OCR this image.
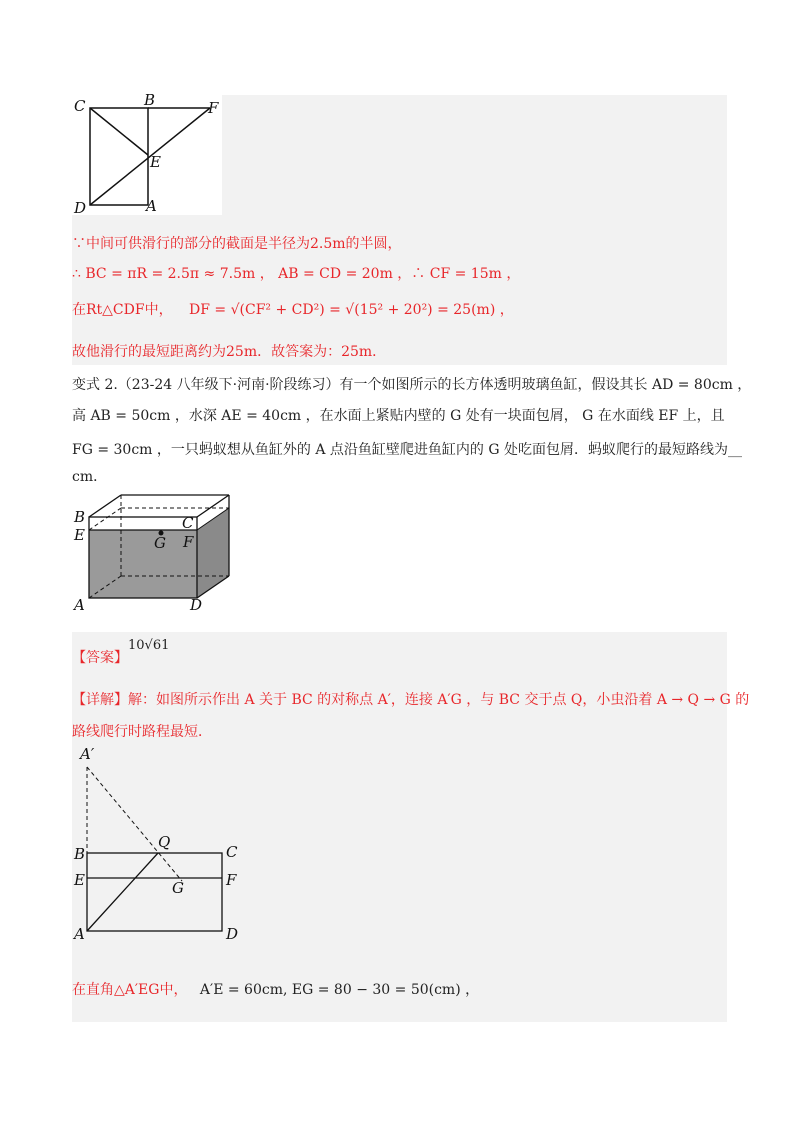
C	B	F
E
D	A
∵中间可供滑行的部分的截面是半径为2.5m的半圆，
∴ BC = πR = 2.5π ≈ 7.5m ， AB = CD = 20m ，∴ CF = 15m ，
在Rt△CDF中， DF = √(CF² + CD²) = √(15² + 20²) = 25(m) ，
故他滑行的最短距离约为25m．故答案为：25m．
变式 2.（23-24 八年级下·河南·阶段练习）有一个如图所示的长方体透明玻璃鱼缸，假设其长 AD = 80cm ，
高 AB = 50cm ，水深 AE = 40cm ，在水面上紧贴内壁的 G 处有一块面包屑， G 在水面线 EF 上，且
FG = 30cm ，一只蚂蚁想从鱼缸外的 A 点沿鱼缸壁爬进鱼缸内的 G 处吃面包屑．蚂蚁爬行的最短路线为__
cm．
B	C
E	G F
A	D
【答案】
10√61
【详解】解：如图所示作出 A 关于 BC 的对称点 A′，连接 A′G ，与 BC 交于点 Q，小虫沿着 A → Q → G 的
路线爬行时路程最短．
A′
Q
B	C
E	F
G
A	D
在直角△A′EG中， A′E = 60cm, EG = 80 − 30 = 50(cm) ，
